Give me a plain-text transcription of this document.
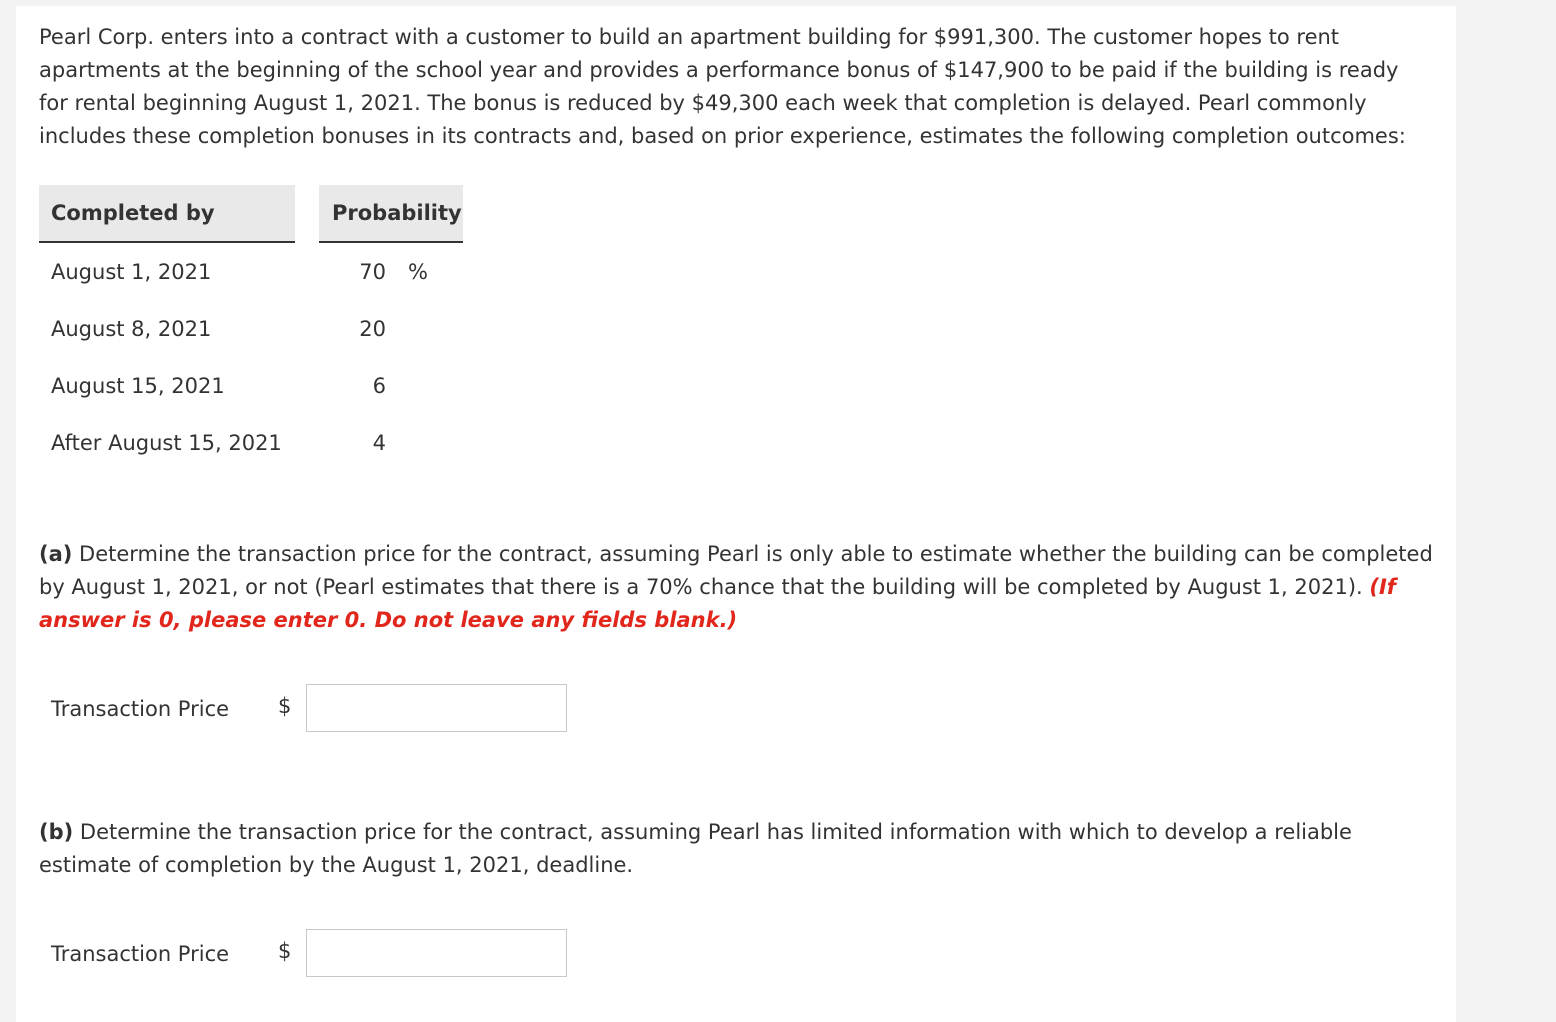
Pearl Corp. enters into a contract with a customer to build an apartment building for $991,300. The customer hopes to rent apartments at the beginning of the school year and provides a performance bonus of $147,900 to be paid if the building is ready for rental beginning August 1, 2021. The bonus is reduced by $49,300 each week that completion is delayed. Pearl commonly includes these completion bonuses in its contracts and, based on prior experience, estimates the following completion outcomes:

Completed by	Probability
August 1, 2021	70 %
August 8, 2021	20
August 15, 2021	6
After August 15, 2021	4

(a) Determine the transaction price for the contract, assuming Pearl is only able to estimate whether the building can be completed by August 1, 2021, or not (Pearl estimates that there is a 70% chance that the building will be completed by August 1, 2021). (If answer is 0, please enter 0. Do not leave any fields blank.)

Transaction Price $

(b) Determine the transaction price for the contract, assuming Pearl has limited information with which to develop a reliable estimate of completion by the August 1, 2021, deadline.

Transaction Price $
